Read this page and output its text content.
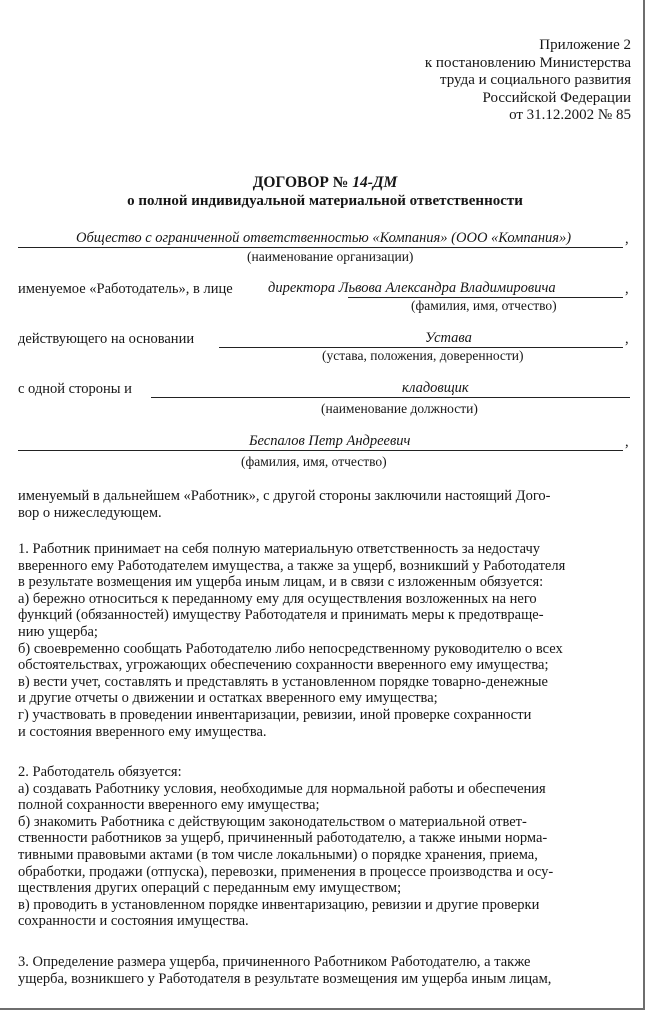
Приложение 2
к постановлению Министерства
труда и социального развития
Российской Федерации
от 31.12.2002 № 85
ДОГОВОР № 14-ДМ
о полной индивидуальной материальной ответственности
Общество с ограниченной ответственностью «Компания» (ООО «Компания»)	,
(наименование организации)
именуемое «Работодатель», в лице директора Львова Александра Владимировича	,
(фамилия, имя, отчество)
действующего на основании	Устава	,
(устава, положения, доверенности)
с одной стороны и	кладовщик
(наименование должности)
Беспалов Петр Андреевич	,
(фамилия, имя, отчество)
именуемый в дальнейшем «Работник», с другой стороны заключили настоящий Дого-
вор о нижеследующем.
1. Работник принимает на себя полную материальную ответственность за недостачу
вверенного ему Работодателем имущества, а также за ущерб, возникший у Работодателя
в результате возмещения им ущерба иным лицам, и в связи с изложенным обязуется:
а) бережно относиться к переданному ему для осуществления возложенных на него
функций (обязанностей) имуществу Работодателя и принимать меры к предотвраще-
нию ущерба;
б) своевременно сообщать Работодателю либо непосредственному руководителю о всех
обстоятельствах, угрожающих обеспечению сохранности вверенного ему имущества;
в) вести учет, составлять и представлять в установленном порядке товарно-денежные
и другие отчеты о движении и остатках вверенного ему имущества;
г) участвовать в проведении инвентаризации, ревизии, иной проверке сохранности
и состояния вверенного ему имущества.
2. Работодатель обязуется:
а) создавать Работнику условия, необходимые для нормальной работы и обеспечения
полной сохранности вверенного ему имущества;
б) знакомить Работника с действующим законодательством о материальной ответ-
ственности работников за ущерб, причиненный работодателю, а также иными норма-
тивными правовыми актами (в том числе локальными) о порядке хранения, приема,
обработки, продажи (отпуска), перевозки, применения в процессе производства и осу-
ществления других операций с переданным ему имуществом;
в) проводить в установленном порядке инвентаризацию, ревизии и другие проверки
сохранности и состояния имущества.
3. Определение размера ущерба, причиненного Работником Работодателю, а также
ущерба, возникшего у Работодателя в результате возмещения им ущерба иным лицам,
